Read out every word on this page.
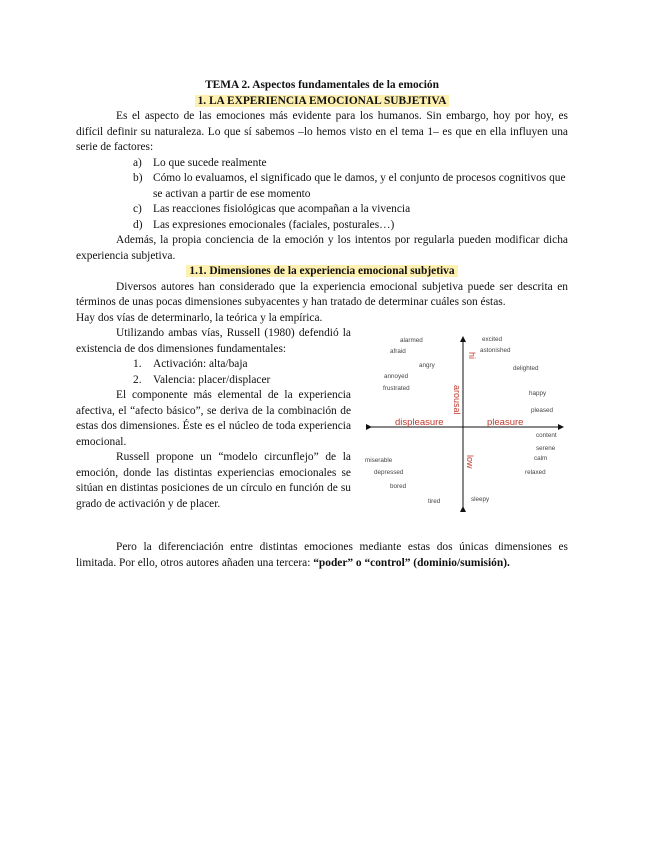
TEMA 2. Aspectos fundamentales de la emoción

1. LA EXPERIENCIA EMOCIONAL SUBJETIVA

Es el aspecto de las emociones más evidente para los humanos. Sin embargo, hoy por hoy, es difícil definir su naturaleza. Lo que sí sabemos –lo hemos visto en el tema 1– es que en ella influyen una serie de factores:

a) Lo que sucede realmente
b) Cómo lo evaluamos, el significado que le damos, y el conjunto de procesos cognitivos que se activan a partir de ese momento
c) Las reacciones fisiológicas que acompañan a la vivencia
d) Las expresiones emocionales (faciales, posturales…)

Además, la propia conciencia de la emoción y los intentos por regularla pueden modificar dicha experiencia subjetiva.

1.1. Dimensiones de la experiencia emocional subjetiva

Diversos autores han considerado que la experiencia emocional subjetiva puede ser descrita en términos de unas pocas dimensiones subyacentes y han tratado de determinar cuáles son éstas.

Hay dos vías de determinarlo, la teórica y la empírica.

Utilizando ambas vías, Russell (1980) defendió la existencia de dos dimensiones fundamentales:

1. Activación: alta/baja
2. Valencia: placer/displacer

El componente más elemental de la experiencia afectiva, el “afecto básico”, se deriva de la combinación de estas dos dimensiones. Éste es el núcleo de toda experiencia emocional.

Russell propone un “modelo circunflejo” de la emoción, donde las distintas experiencias emocionales se sitúan en distintas posiciones de un círculo en función de su grado de activación y de placer.

hi
arousal
low
displeasure	pleasure
alarmed	excited
afraid	astonished
angry	delighted
annoyed
frustrated
happy
pleased
content
serene
calm
miserable
depressed	relaxed
bored
tired	sleepy

Pero la diferenciación entre distintas emociones mediante estas dos únicas dimensiones es limitada. Por ello, otros autores añaden una tercera: “poder” o “control” (dominio/sumisión).
